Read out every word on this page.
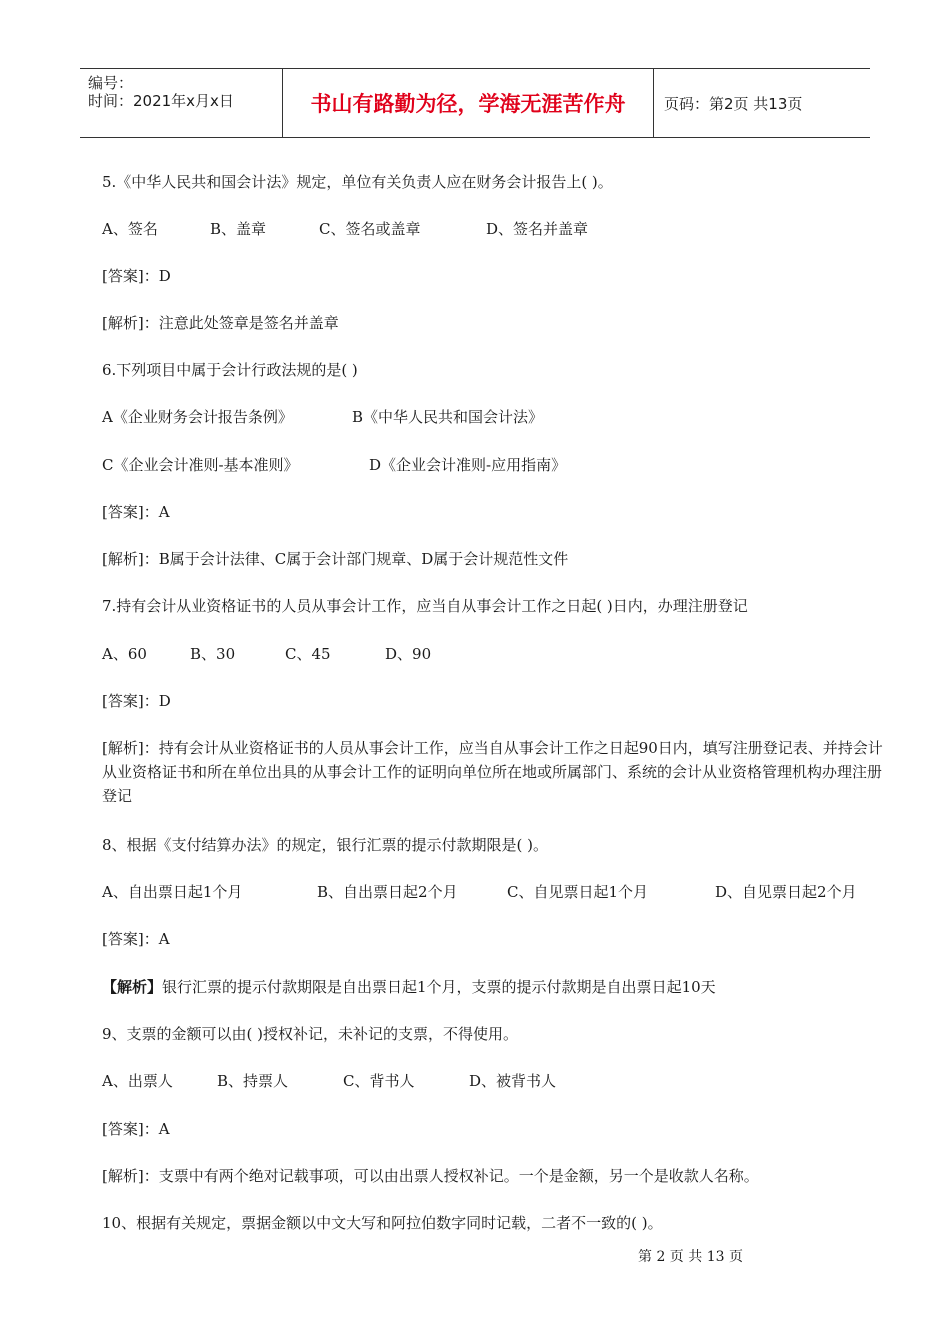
编号：
时间：2021年x月x日	书山有路勤为径，学海无涯苦作舟	页码：第2页 共13页
5.《中华人民共和国会计法》规定，单位有关负责人应在财务会计报告上( )。
A、签名	B、盖章	C、签名或盖章	D、签名并盖章
[答案]：D
[解析]：注意此处签章是签名并盖章
6.下列项目中属于会计行政法规的是( )
A《企业财务会计报告条例》	B《中华人民共和国会计法》
C《企业会计准则-基本准则》	D《企业会计准则-应用指南》
[答案]：A
[解析]：B属于会计法律、C属于会计部门规章、D属于会计规范性文件
7.持有会计从业资格证书的人员从事会计工作，应当自从事会计工作之日起( )日内，办理注册登记
A、60	B、30	C、45	D、90
[答案]：D
[解析]：持有会计从业资格证书的人员从事会计工作，应当自从事会计工作之日起90日内，填写注册登记表、并持会计从业资格证书和所在单位出具的从事会计工作的证明向单位所在地或所属部门、系统的会计从业资格管理机构办理注册登记
8、根据《支付结算办法》的规定，银行汇票的提示付款期限是( )。
A、自出票日起1个月	B、自出票日起2个月	C、自见票日起1个月	D、自见票日起2个月
[答案]：A
【解析】银行汇票的提示付款期限是自出票日起1个月，支票的提示付款期是自出票日起10天
9、支票的金额可以由( )授权补记，未补记的支票，不得使用。
A、出票人	B、持票人	C、背书人	D、被背书人
[答案]：A
[解析]：支票中有两个绝对记载事项，可以由出票人授权补记。一个是金额，另一个是收款人名称。
10、根据有关规定，票据金额以中文大写和阿拉伯数字同时记载，二者不一致的( )。
第 2 页 共 13 页
